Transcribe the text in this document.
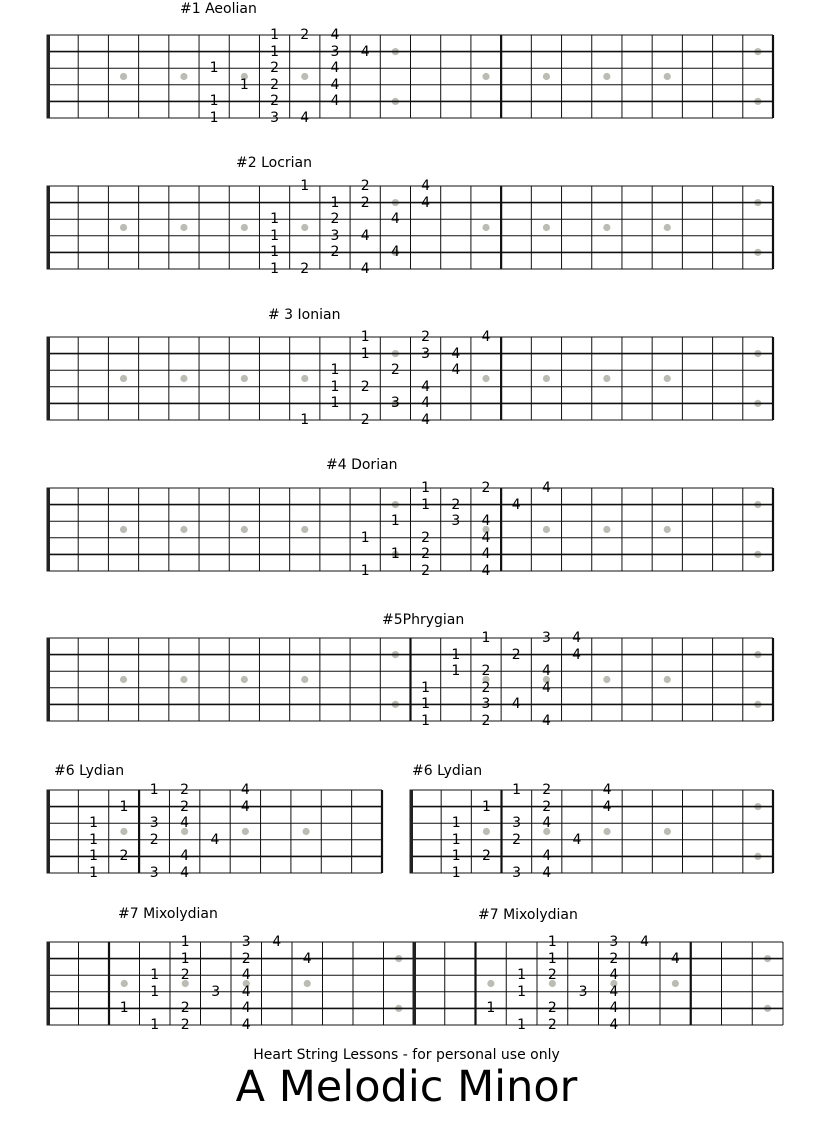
Heart String Lessons - for personal use only
A Melodic Minor
#1 Aeolian
1 2 4
1	3 4
1	2	4
1 2	4
1	2	4
1	3 4
#2 Locrian
1	2	4
1 2	4
1	2	4
1	3 4
1	2	4
1 2	4
# 3 Ionian
1	2	4
1	3 4
1	2	4
1 2	4
1	3 4
1	2	4
#4 Dorian
1	2	4
1 2	4
1	3 4
1	2	4
1 2	4
1	2	4
#5Phrygian
1	3 4
1	2	4
1 2	4
1	2	4
1	3 4
1	2	4
#6 Lydian
1 2	4
1	2	4
1	3 4
1	2	4
1 2	4
1	3 4
#6 Lydian
1 2	4
1	2	4
1	3 4
1	2	4
1 2	4
1	3 4
#7 Mixolydian
1	3 4
1	2	4
1 2	4
1	3 4
1	2	4
1 2	4
#7 Mixolydian
1	3 4
1	2	4
1 2	4
1	3 4
1	2	4
1 2	4
